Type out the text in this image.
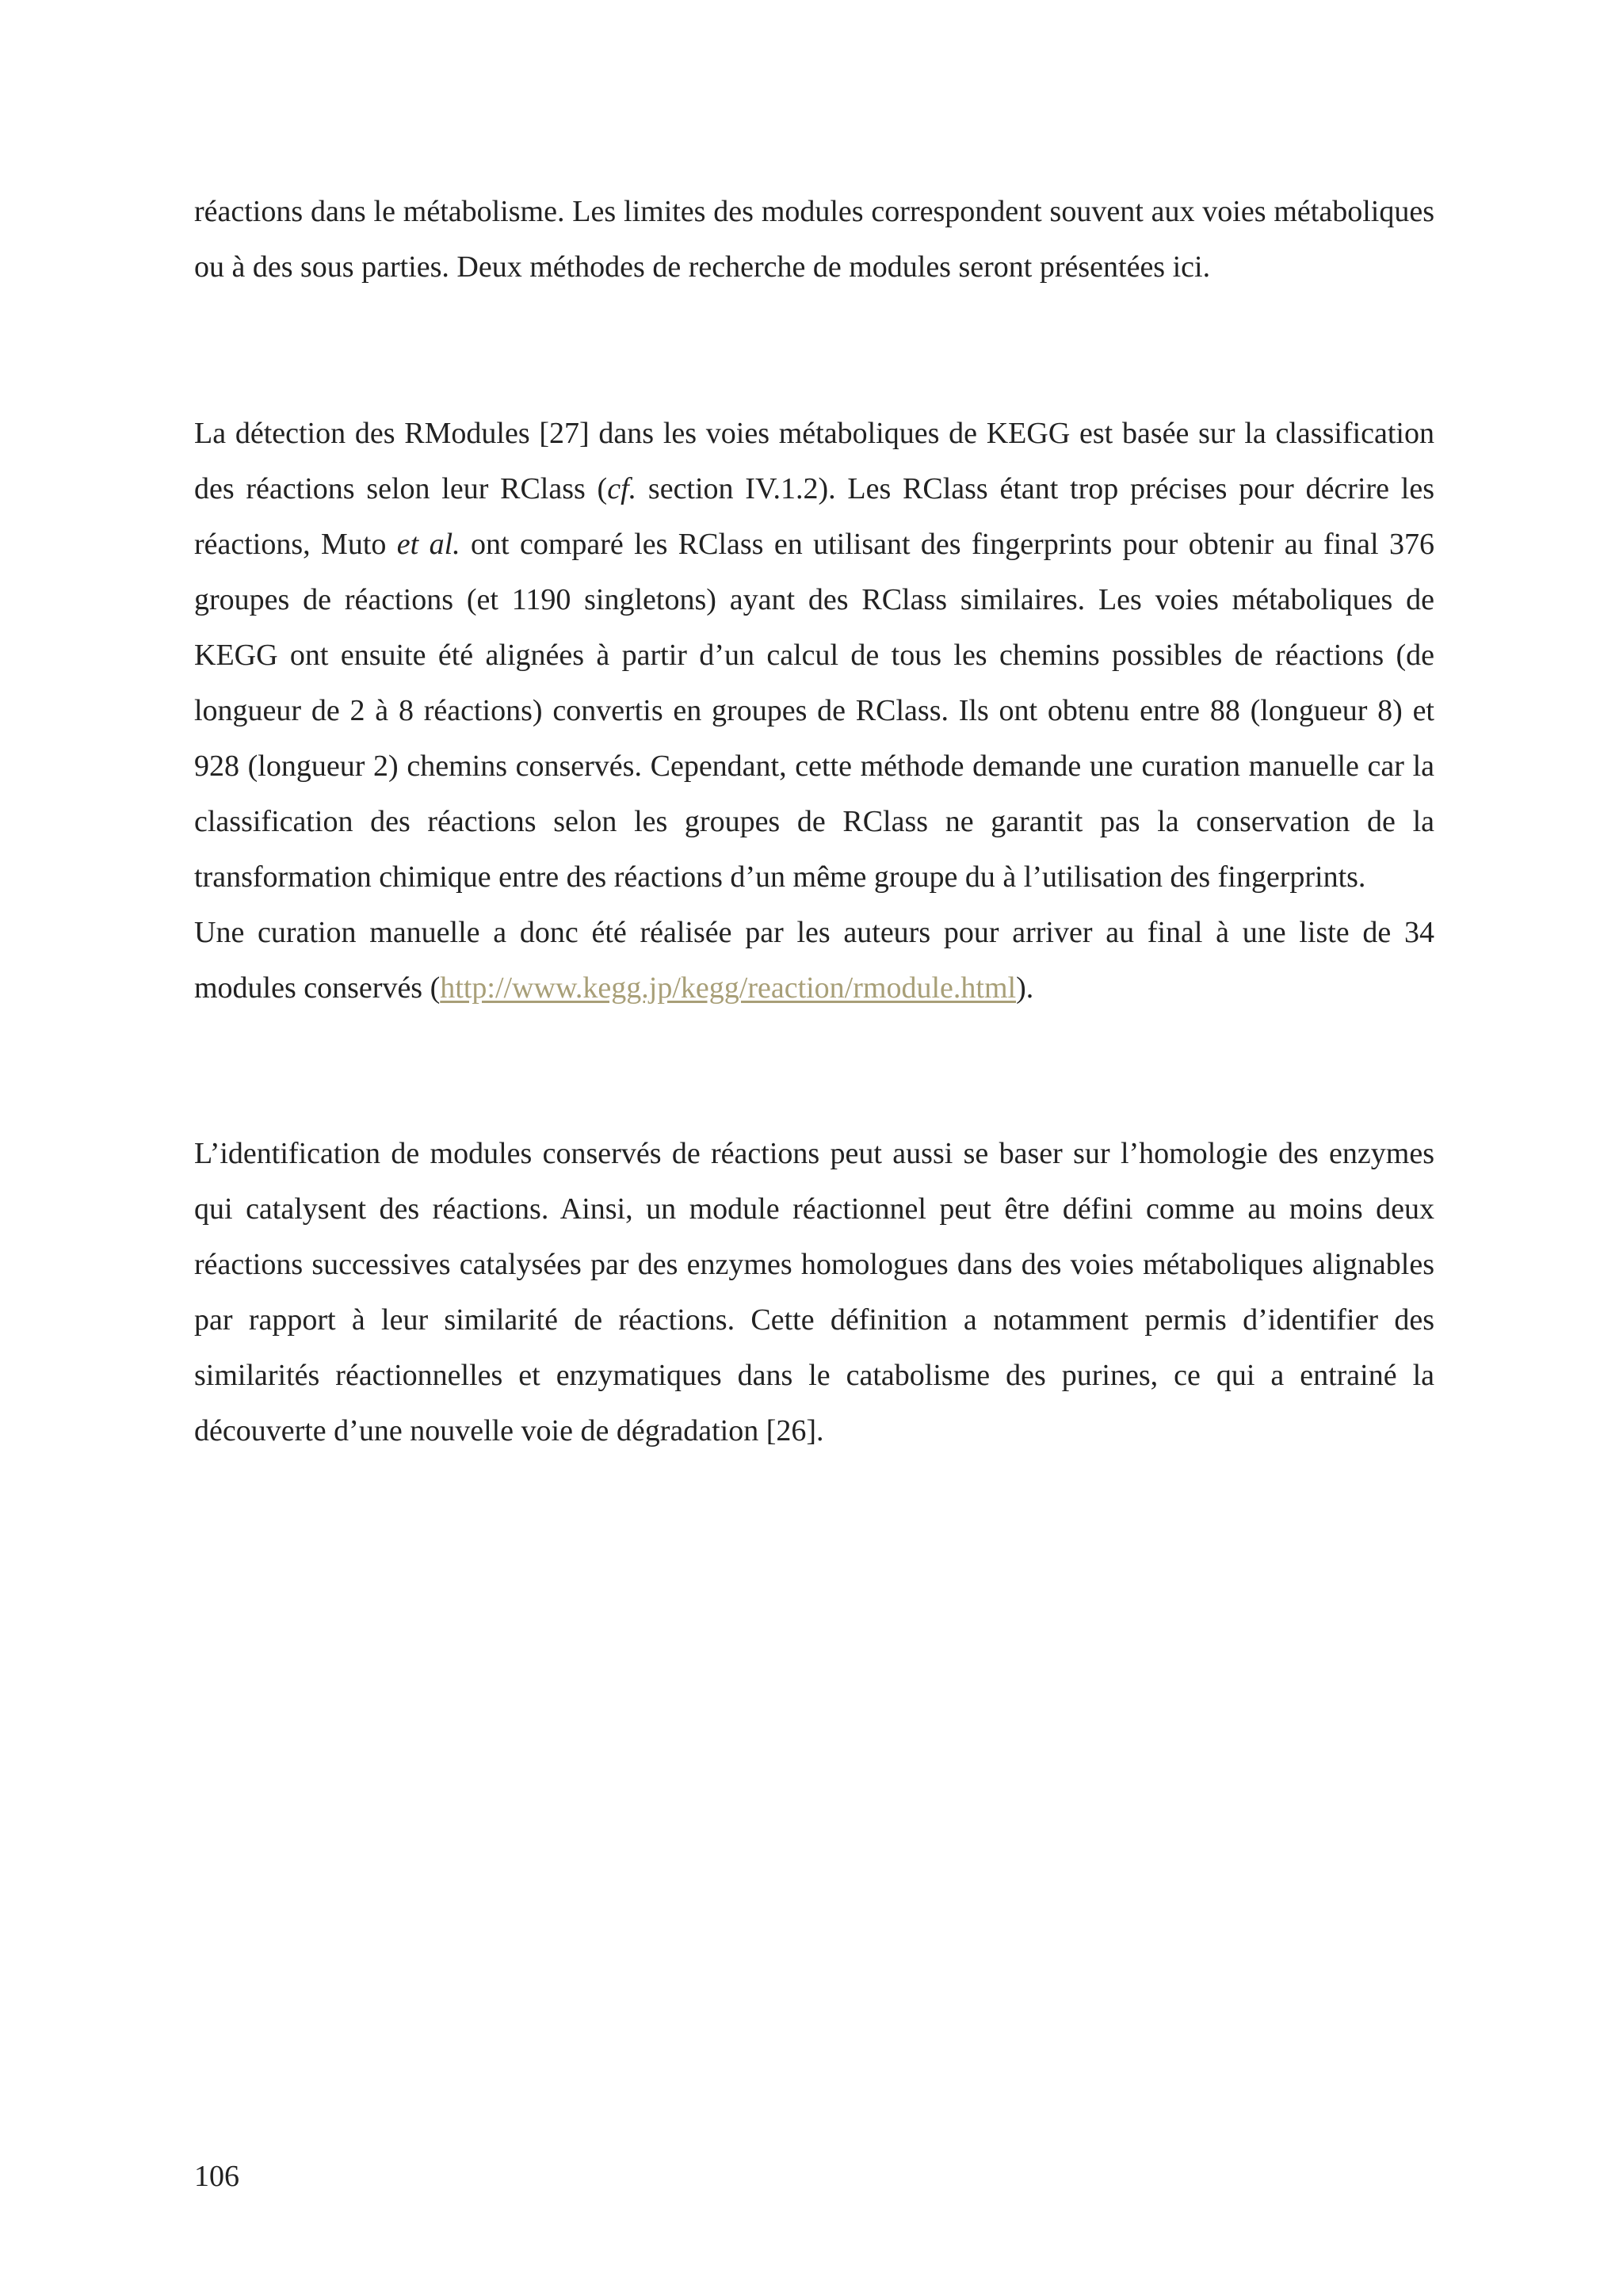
réactions dans le métabolisme. Les limites des modules correspondent souvent aux voies métaboliques ou à des sous parties. Deux méthodes de recherche de modules seront présentées ici.

La détection des RModules [27] dans les voies métaboliques de KEGG est basée sur la classification des réactions selon leur RClass (cf. section IV.1.2). Les RClass étant trop précises pour décrire les réactions, Muto et al. ont comparé les RClass en utilisant des fingerprints pour obtenir au final 376 groupes de réactions (et 1190 singletons) ayant des RClass similaires. Les voies métaboliques de KEGG ont ensuite été alignées à partir d’un calcul de tous les chemins possibles de réactions (de longueur de 2 à 8 réactions) convertis en groupes de RClass. Ils ont obtenu entre 88 (longueur 8) et 928 (longueur 2) chemins conservés. Cependant, cette méthode demande une curation manuelle car la classification des réactions selon les groupes de RClass ne garantit pas la conservation de la transformation chimique entre des réactions d’un même groupe du à l’utilisation des fingerprints.
Une curation manuelle a donc été réalisée par les auteurs pour arriver au final à une liste de 34 modules conservés (http://www.kegg.jp/kegg/reaction/rmodule.html).

L’identification de modules conservés de réactions peut aussi se baser sur l’homologie des enzymes qui catalysent des réactions. Ainsi, un module réactionnel peut être défini comme au moins deux réactions successives catalysées par des enzymes homologues dans des voies métaboliques alignables par rapport à leur similarité de réactions. Cette définition a notamment permis d’identifier des similarités réactionnelles et enzymatiques dans le catabolisme des purines, ce qui a entrainé la découverte d’une nouvelle voie de dégradation [26].

106
